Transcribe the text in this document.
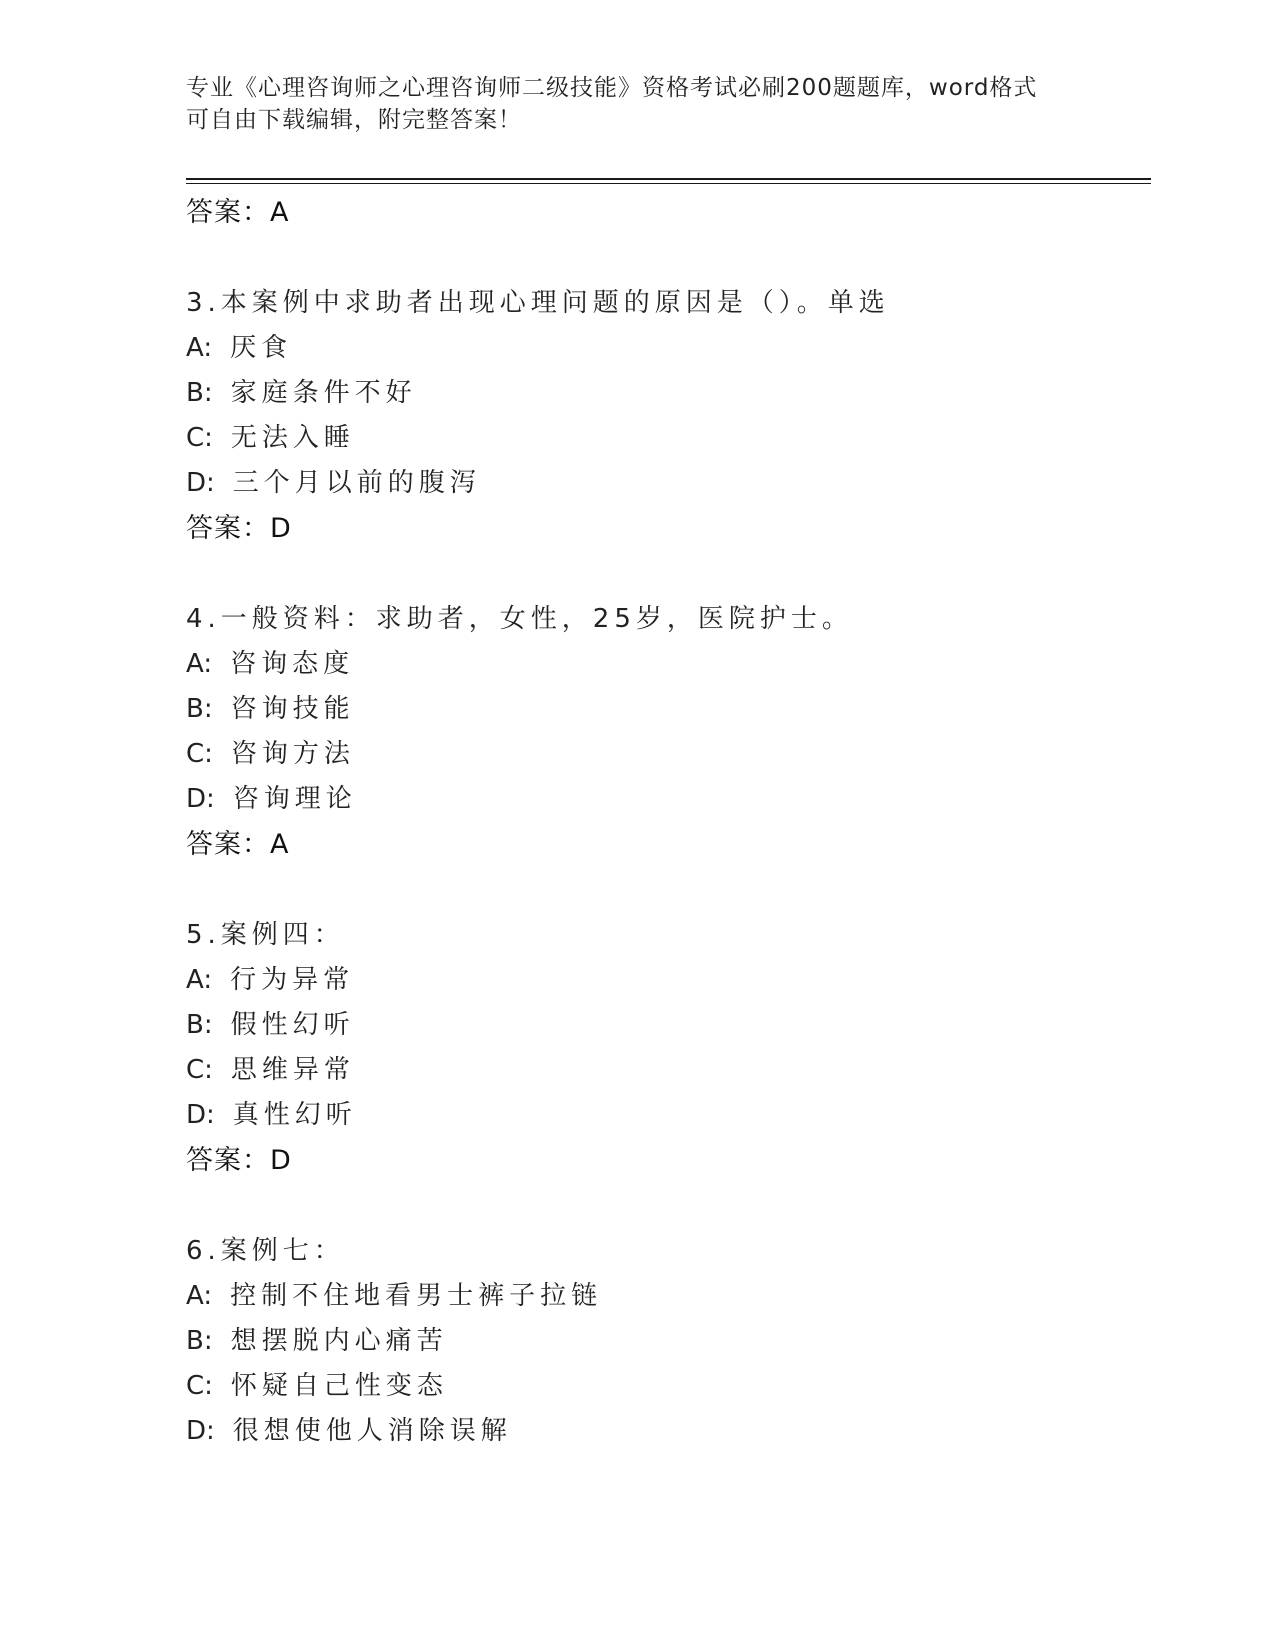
专业《心理咨询师之心理咨询师二级技能》资格考试必刷200题题库，word格式
可自由下载编辑，附完整答案！
答案：A
3.本案例中求助者出现心理问题的原因是（）。单选
A: 厌食
B: 家庭条件不好
C: 无法入睡
D: 三个月以前的腹泻
答案：D
4.一般资料：求助者，女性，25岁，医院护士。
A: 咨询态度
B: 咨询技能
C: 咨询方法
D: 咨询理论
答案：A
5.案例四：
A: 行为异常
B: 假性幻听
C: 思维异常
D: 真性幻听
答案：D
6.案例七：
A: 控制不住地看男士裤子拉链
B: 想摆脱内心痛苦
C: 怀疑自己性变态
D: 很想使他人消除误解
